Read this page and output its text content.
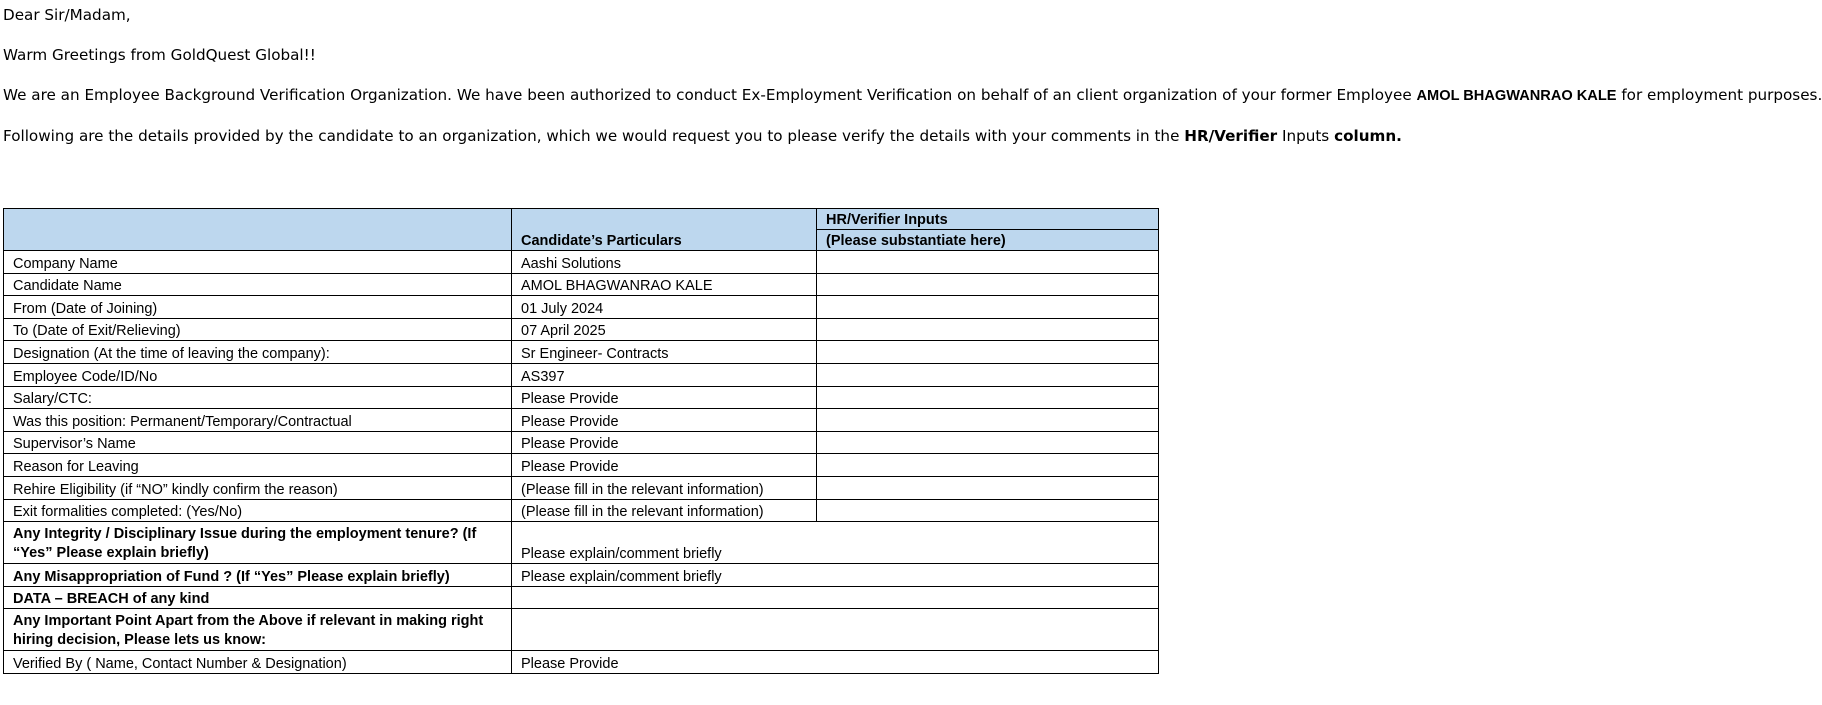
Dear Sir/Madam,
Warm Greetings from GoldQuest Global!!
We are an Employee Background Verification Organization. We have been authorized to conduct Ex-Employment Verification on behalf of an client organization of your former Employee AMOL BHAGWANRAO KALE for employment purposes.
Following are the details provided by the candidate to an organization, which we would request you to please verify the details with your comments in the HR/Verifier Inputs column.
	Candidate’s Particulars	HR/Verifier Inputs
		(Please substantiate here)
Company Name	Aashi Solutions	
Candidate Name	AMOL BHAGWANRAO KALE	
From (Date of Joining)	01 July 2024	
To (Date of Exit/Relieving)	07 April 2025	
Designation (At the time of leaving the company):	Sr Engineer- Contracts	
Employee Code/ID/No	AS397	
Salary/CTC:	Please Provide	
Was this position: Permanent/Temporary/Contractual	Please Provide	
Supervisor’s Name	Please Provide	
Reason for Leaving	Please Provide	
Rehire Eligibility (if “NO” kindly confirm the reason)	(Please fill in the relevant information)	
Exit formalities completed: (Yes/No)	(Please fill in the relevant information)	
Any Integrity / Disciplinary Issue during the employment tenure? (If “Yes” Please explain briefly)	Please explain/comment briefly	
Any Misappropriation of Fund ? (If “Yes” Please explain briefly)	Please explain/comment briefly	
DATA – BREACH of any kind		
Any Important Point Apart from the Above if relevant in making right hiring decision, Please lets us know:		
Verified By ( Name, Contact Number & Designation)	Please Provide	
